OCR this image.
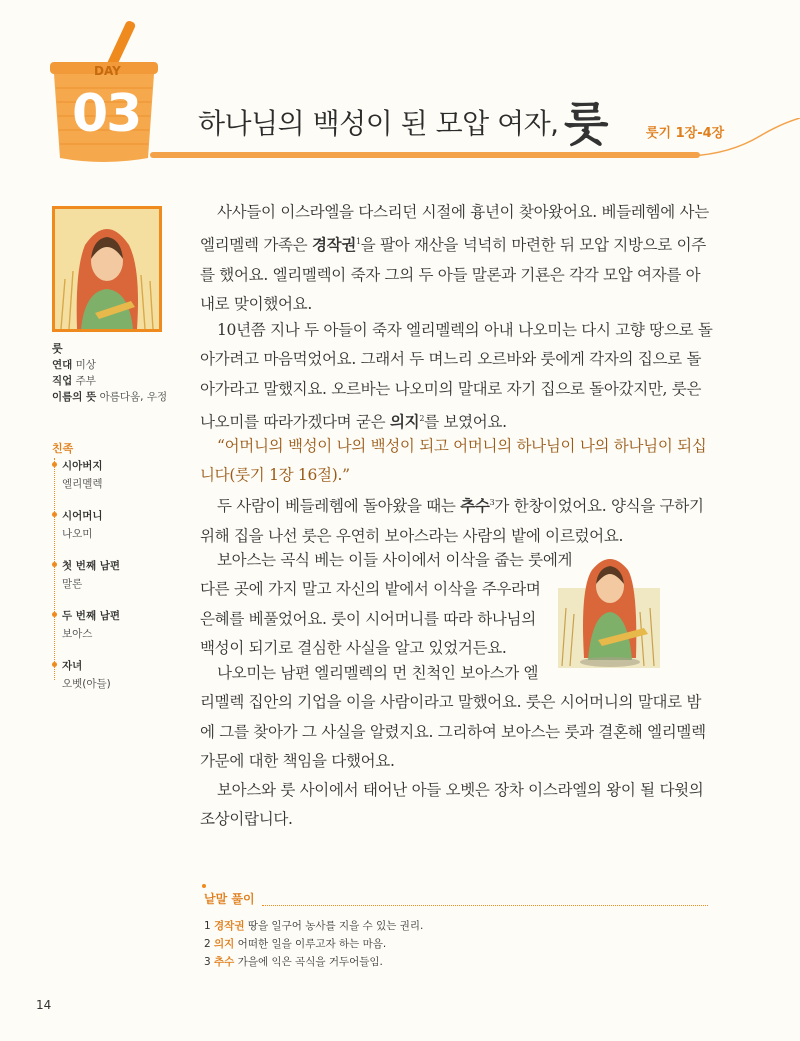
DAY
03 하나님의 백성이 된 모압 여자, 룻	룻기 1장-4장
룻
연대 미상
직업 주부
이름의 뜻 아름다움, 우정
친족
시아버지
엘리멜렉
시어머니
나오미
첫 번째 남편
말론
두 번째 남편
보아스
자녀
오벳(아들)
사사들이 이스라엘을 다스리던 시절에 흉년이 찾아왔어요. 베들레헴에 사는 엘리멜렉 가족은 경작권$^1$을 팔아 재산을 넉넉히 마련한 뒤 모압 지방으로 이주를 했어요. 엘리멜렉이 죽자 그의 두 아들 말론과 기룐은 각각 모압 여자를 아내로 맞이했어요.
10년쯤 지나 두 아들이 죽자 엘리멜렉의 아내 나오미는 다시 고향 땅으로 돌아가려고 마음먹었어요. 그래서 두 며느리 오르바와 룻에게 각자의 집으로 돌아가라고 말했지요. 오르바는 나오미의 말대로 자기 집으로 돌아갔지만, 룻은 나오미를 따라가겠다며 굳은 의지$^2$를 보였어요.
“어머니의 백성이 나의 백성이 되고 어머니의 하나님이 나의 하나님이 되십니다(룻기 1장 16절).”
두 사람이 베들레헴에 돌아왔을 때는 추수$^3$가 한창이었어요. 양식을 구하기 위해 집을 나선 룻은 우연히 보아스라는 사람의 밭에 이르렀어요.
보아스는 곡식 베는 이들 사이에서 이삭을 줍는 룻에게
다른 곳에 가지 말고 자신의 밭에서 이삭을 주우라며
은혜를 베풀었어요. 룻이 시어머니를 따라 하나님의
백성이 되기로 결심한 사실을 알고 있었거든요.
나오미는 남편 엘리멜렉의 먼 친척인 보아스가 엘
리멜렉 집안의 기업을 이을 사람이라고 말했어요. 룻은 시어머니의 말대로 밤에 그를 찾아가 그 사실을 알렸지요. 그리하여 보아스는 룻과 결혼해 엘리멜렉 가문에 대한 책임을 다했어요.
보아스와 룻 사이에서 태어난 아들 오벳은 장차 이스라엘의 왕이 될 다윗의 조상이랍니다.
낱말 풀이
1 경작권 땅을 일구어 농사를 지을 수 있는 권리.
2 의지 어떠한 일을 이루고자 하는 마음.
3 추수 가을에 익은 곡식을 거두어들임.
14
